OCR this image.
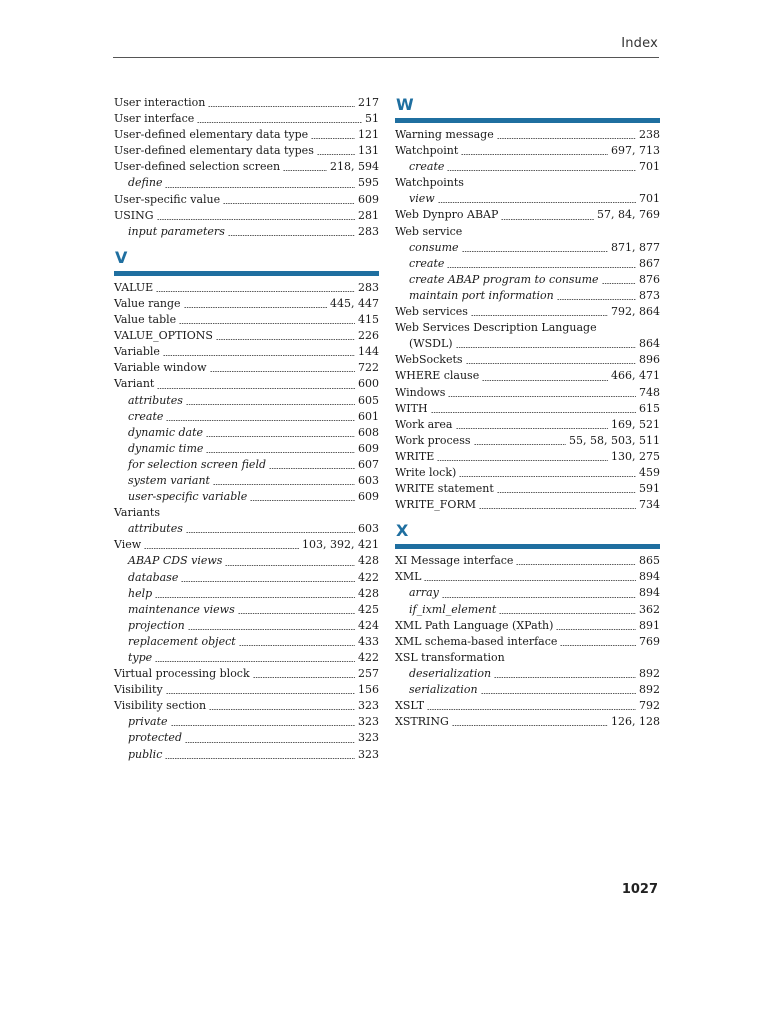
Index
User interaction	217
User interface	51
User-defined elementary data type	121
User-defined elementary data types	131
User-defined selection screen	218, 594
define	595
User-specific value	609
USING	281
input parameters	283
V
VALUE	283
Value range	445, 447
Value table	415
VALUE_OPTIONS	226
Variable	144
Variable window	722
Variant	600
attributes	605
create	601
dynamic date	608
dynamic time	609
for selection screen field	607
system variant	603
user-specific variable	609
Variants
attributes	603
View	103, 392, 421
ABAP CDS views	428
database	422
help	428
maintenance views	425
projection	424
replacement object	433
type	422
Virtual processing block	257
Visibility	156
Visibility section	323
private	323
protected	323
public	323
W
Warning message	238
Watchpoint	697, 713
create	701
Watchpoints
view	701
Web Dynpro ABAP	57, 84, 769
Web service
consume	871, 877
create	867
create ABAP program to consume	876
maintain port information	873
Web services	792, 864
Web Services Description Language
(WSDL)	864
WebSockets	896
WHERE clause	466, 471
Windows	748
WITH	615
Work area	169, 521
Work process	55, 58, 503, 511
WRITE	130, 275
Write lock)	459
WRITE statement	591
WRITE_FORM	734
X
XI Message interface	865
XML	894
array	894
if_ixml_element	362
XML Path Language (XPath)	891
XML schema-based interface	769
XSL transformation
deserialization	892
serialization	892
XSLT	792
XSTRING	126, 128
1027
